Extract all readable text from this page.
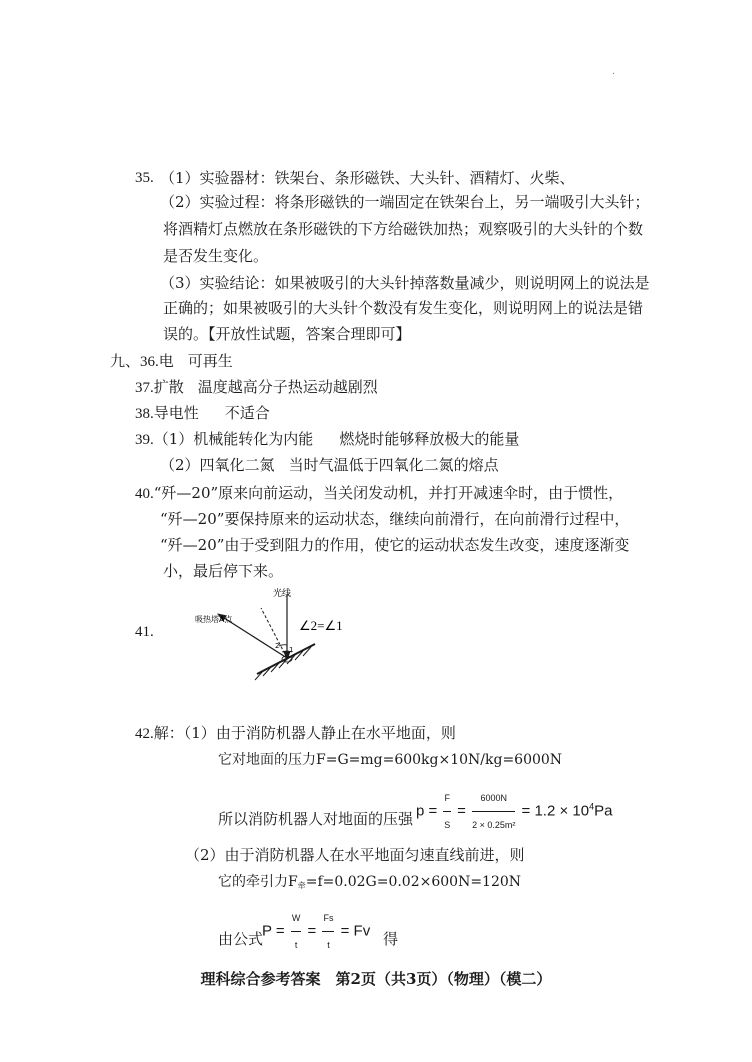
.
35. （1）实验器材：铁架台、条形磁铁、大头针、酒精灯、火柴、
（2）实验过程：将条形磁铁的一端固定在铁架台上，另一端吸引大头针；
将酒精灯点燃放在条形磁铁的下方给磁铁加热；观察吸引的大头针的个数
是否发生变化。
（3）实验结论：如果被吸引的大头针掉落数量减少，则说明网上的说法是
正确的；如果被吸引的大头针个数没有发生变化，则说明网上的说法是错
误的。【开放性试题，答案合理即可】
九、36.电 可再生
37.扩散 温度越高分子热运动越剧烈
38.导电性 不适合
39.（1）机械能转化为内能 燃烧时能够释放极大的能量
（2）四氧化二氮 当时气温低于四氧化二氮的熔点
40.“歼—20”原来向前运动，当关闭发动机，并打开减速伞时，由于惯性，
“歼—20”要保持原来的运动状态，继续向前滑行，在向前滑行过程中，
“歼—20”由于受到阻力的作用，使它的运动状态发生改变，速度逐渐变
小，最后停下来。
41.
光线
吸热塔A点
2 1
∠2=∠1
42.解：（1）由于消防机器人静止在水平地面，则
它对地面的压力F=G=mg=600kg×10N/kg=6000N
$p = \frac{F}{S} = \frac{6000N}{\text{2 × 0.25m²}} = 1.2 \times 10^4Pa$
所以消防机器人对地面的压强
（2）由于消防机器人在水平地面匀速直线前进，则
它的牵引力$F_牵=f=0.02G=0.02\times 600N=120N$
$P = \frac{W}{t} = \frac{Fs}{t} = Fv$
由公式	得
理科综合参考答案　第2页（共3页）（物理）（模二）
